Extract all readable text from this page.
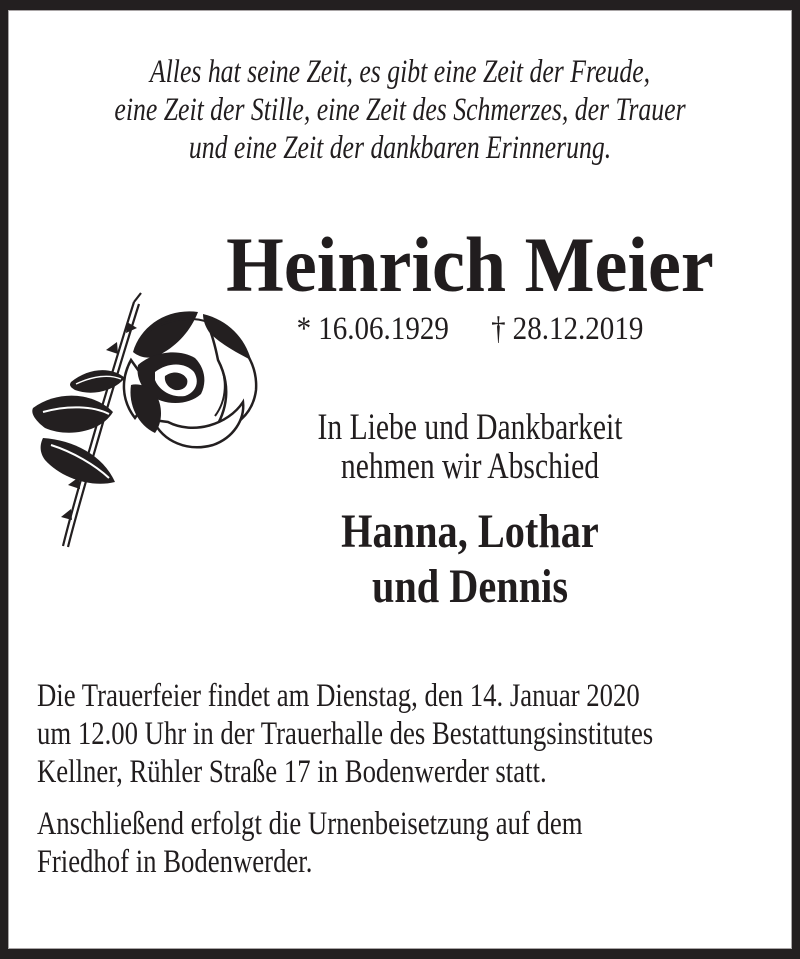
Alles hat seine Zeit, es gibt eine Zeit der Freude,
eine Zeit der Stille, eine Zeit des Schmerzes, der Trauer
und eine Zeit der dankbaren Erinnerung.
Heinrich Meier
* 16.06.1929 † 28.12.2019
In Liebe und Dankbarkeit
nehmen wir Abschied
Hanna, Lothar
und Dennis
Die Trauerfeier findet am Dienstag, den 14. Januar 2020
um 12.00 Uhr in der Trauerhalle des Bestattungsinstitutes
Kellner, Rühler Straße 17 in Bodenwerder statt.
Anschließend erfolgt die Urnenbeisetzung auf dem
Friedhof in Bodenwerder.
